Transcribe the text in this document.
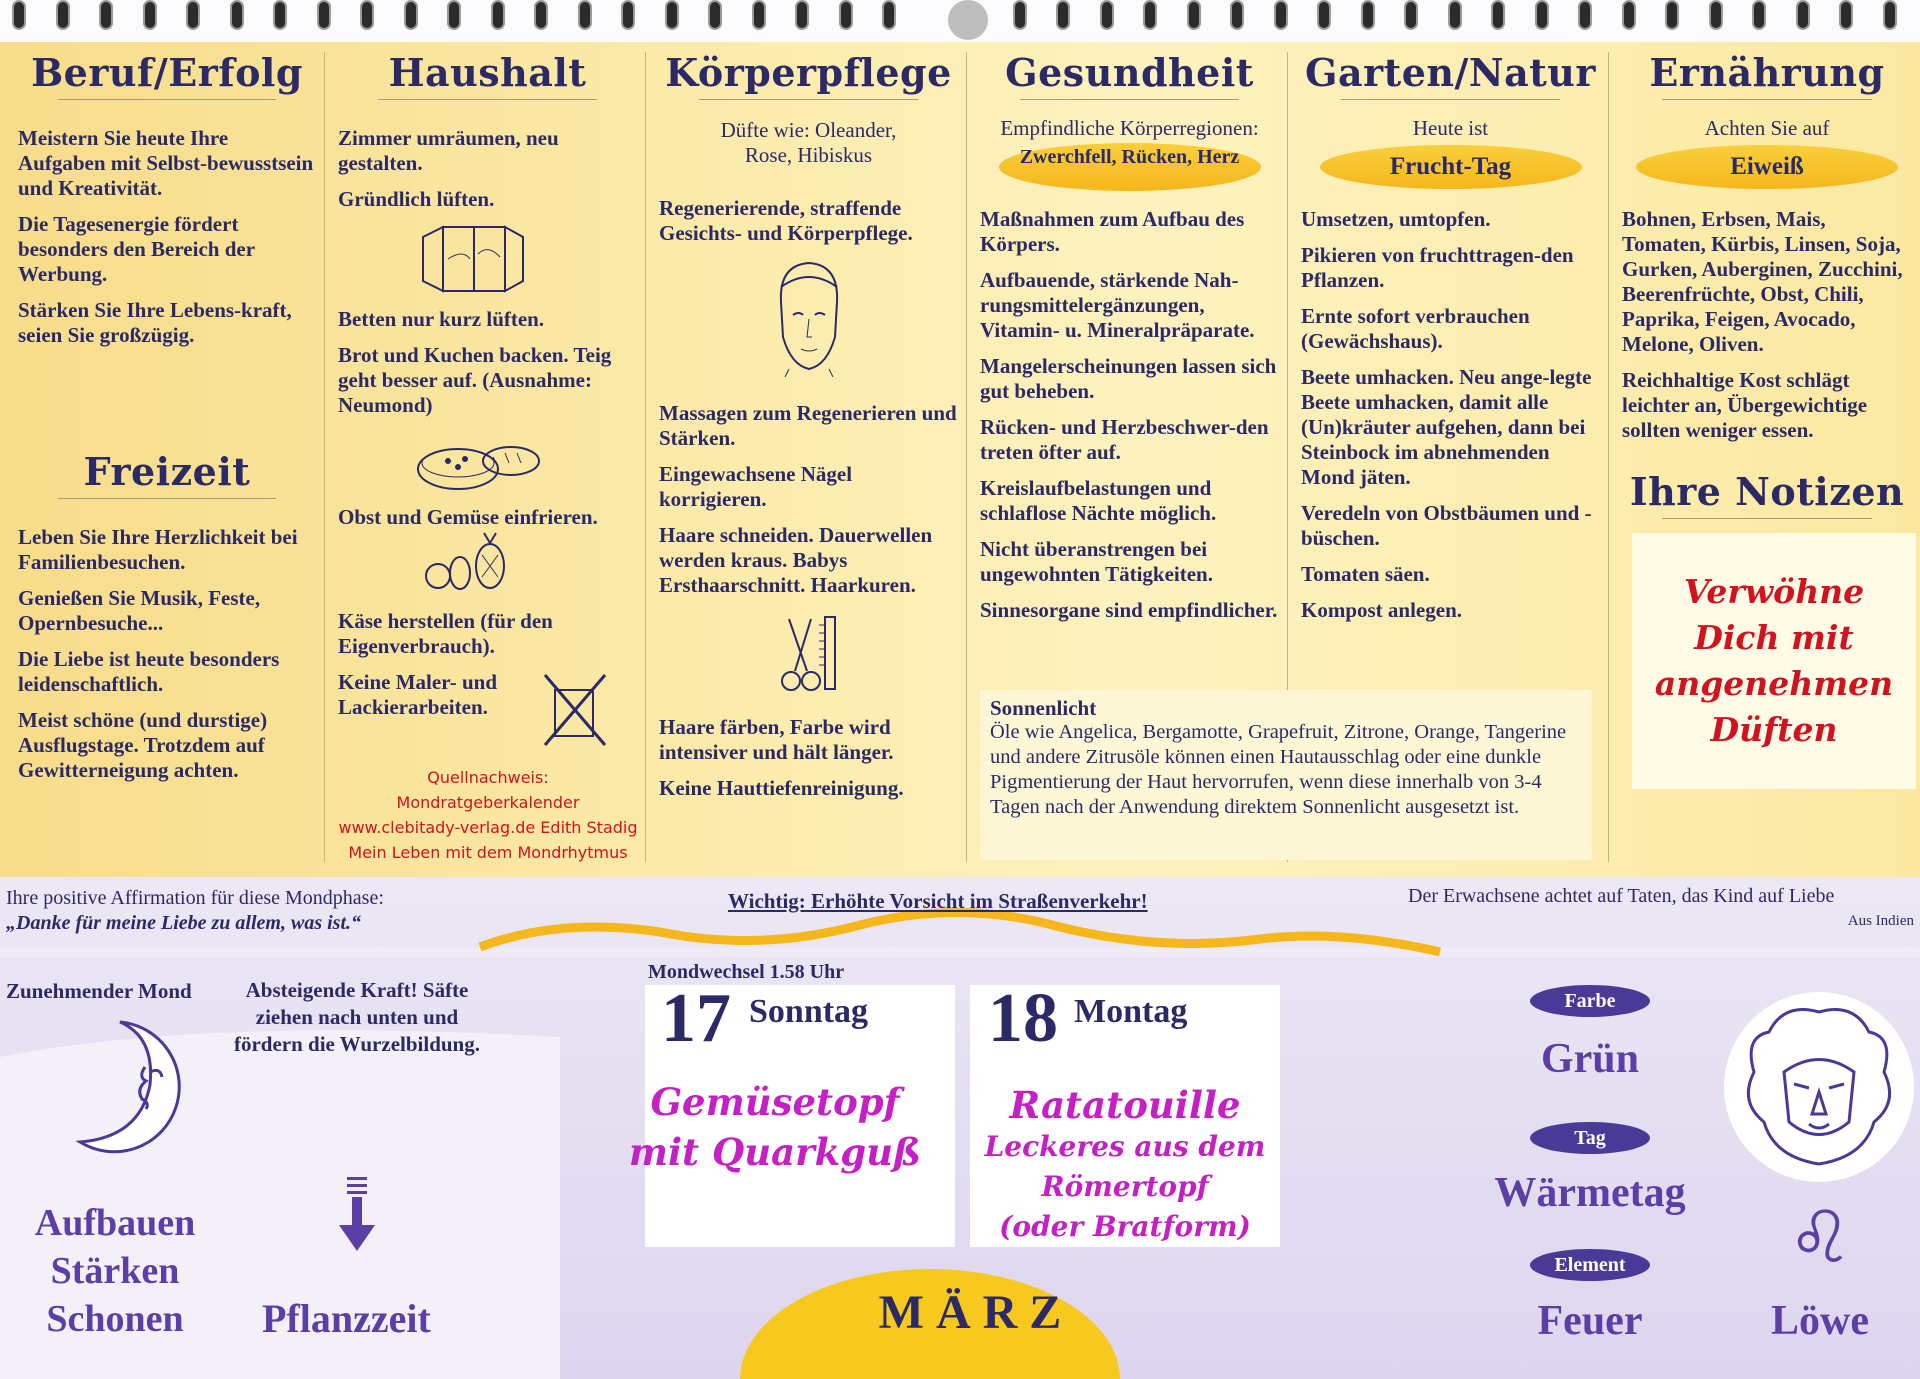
Beruf/Erfolg
Meistern Sie heute Ihre Aufgaben mit Selbst-bewusstsein und Kreativität.
Die Tagesenergie fördert besonders den Bereich der Werbung.
Stärken Sie Ihre Lebens-kraft, seien Sie großzügig.
Freizeit
Leben Sie Ihre Herzlichkeit bei Familienbesuchen.
Genießen Sie Musik, Feste, Opernbesuche...
Die Liebe ist heute besonders leidenschaftlich.
Meist schöne (und durstige) Ausflugstage. Trotzdem auf Gewitterneigung achten.
Haushalt
Zimmer umräumen, neu gestalten.
Gründlich lüften.
Betten nur kurz lüften.
Brot und Kuchen backen. Teig geht besser auf. (Ausnahme: Neumond)
Obst und Gemüse einfrieren.
Käse herstellen (für den Eigenverbrauch).
Keine Maler- und Lackierarbeiten.
Quellnachweis: Mondratgeberkalender
www.clebitady-verlag.de Edith Stadig
Mein Leben mit dem Mondrhytmus
Körperpflege
Düfte wie: Oleander, Rose, Hibiskus
Regenerierende, straffende Gesichts- und Körperpflege.
Massagen zum Regenerieren und Stärken.
Eingewachsene Nägel korrigieren.
Haare schneiden. Dauerwellen werden kraus. Babys Ersthaarschnitt. Haarkuren.
Haare färben, Farbe wird intensiver und hält länger.
Keine Hauttiefenreinigung.
Gesundheit
Empfindliche Körperregionen:
Zwerchfell, Rücken, Herz
Maßnahmen zum Aufbau des Körpers.
Aufbauende, stärkende Nah-rungsmittelergänzungen, Vitamin- u. Mineralpräparate.
Mangelerscheinungen lassen sich gut beheben.
Rücken- und Herzbeschwer-den treten öfter auf.
Kreislaufbelastungen und schlaflose Nächte möglich.
Nicht überanstrengen bei ungewohnten Tätigkeiten.
Sinnesorgane sind empfindlicher.
Garten/Natur
Heute ist
Frucht-Tag
Umsetzen, umtopfen.
Pikieren von fruchttragen-den Pflanzen.
Ernte sofort verbrauchen (Gewächshaus).
Beete umhacken. Neu ange-legte Beete umhacken, damit alle (Un)kräuter aufgehen, dann bei Steinbock im abnehmenden Mond jäten.
Veredeln von Obstbäumen und -büschen.
Tomaten säen.
Kompost anlegen.
Ernährung
Achten Sie auf
Eiweiß
Bohnen, Erbsen, Mais, Tomaten, Kürbis, Linsen, Soja, Gurken, Auberginen, Zucchini, Beerenfrüchte, Obst, Chili, Paprika, Feigen, Avocado, Melone, Oliven.
Reichhaltige Kost schlägt leichter an, Übergewichtige sollten weniger essen.
Ihre Notizen
Verwöhne Dich mit angenehmen Düften
Sonnenlicht
Öle wie Angelica, Bergamotte, Grapefruit, Zitrone, Orange, Tangerine und andere Zitrusöle können einen Hautausschlag oder eine dunkle Pigmentierung der Haut hervorrufen, wenn diese innerhalb von 3-4 Tagen nach der Anwendung direktem Sonnenlicht ausgesetzt ist.
Ihre positive Affirmation für diese Mondphase:
„Danke für meine Liebe zu allem, was ist.“
Wichtig: Erhöhte Vorsicht im Straßenverkehr!	Der Erwachsene achtet auf Taten, das Kind auf Liebe
Aus Indien
Zunehmender Mond	Absteigende Kraft! Säfte ziehen nach unten und fördern die Wurzelbildung.
Aufbauen
Stärken
Schonen	Pflanzzeit
Mondwechsel 1.58 Uhr
17 Sonntag
Gemüsetopf
mit Quarkguß
18 Montag
Ratatouille
Leckeres aus dem
Römertopf
(oder Bratform)
M Ä R Z
Farbe
Grün
Tag
Wärmetag
Element
Feuer
♌
Löwe
